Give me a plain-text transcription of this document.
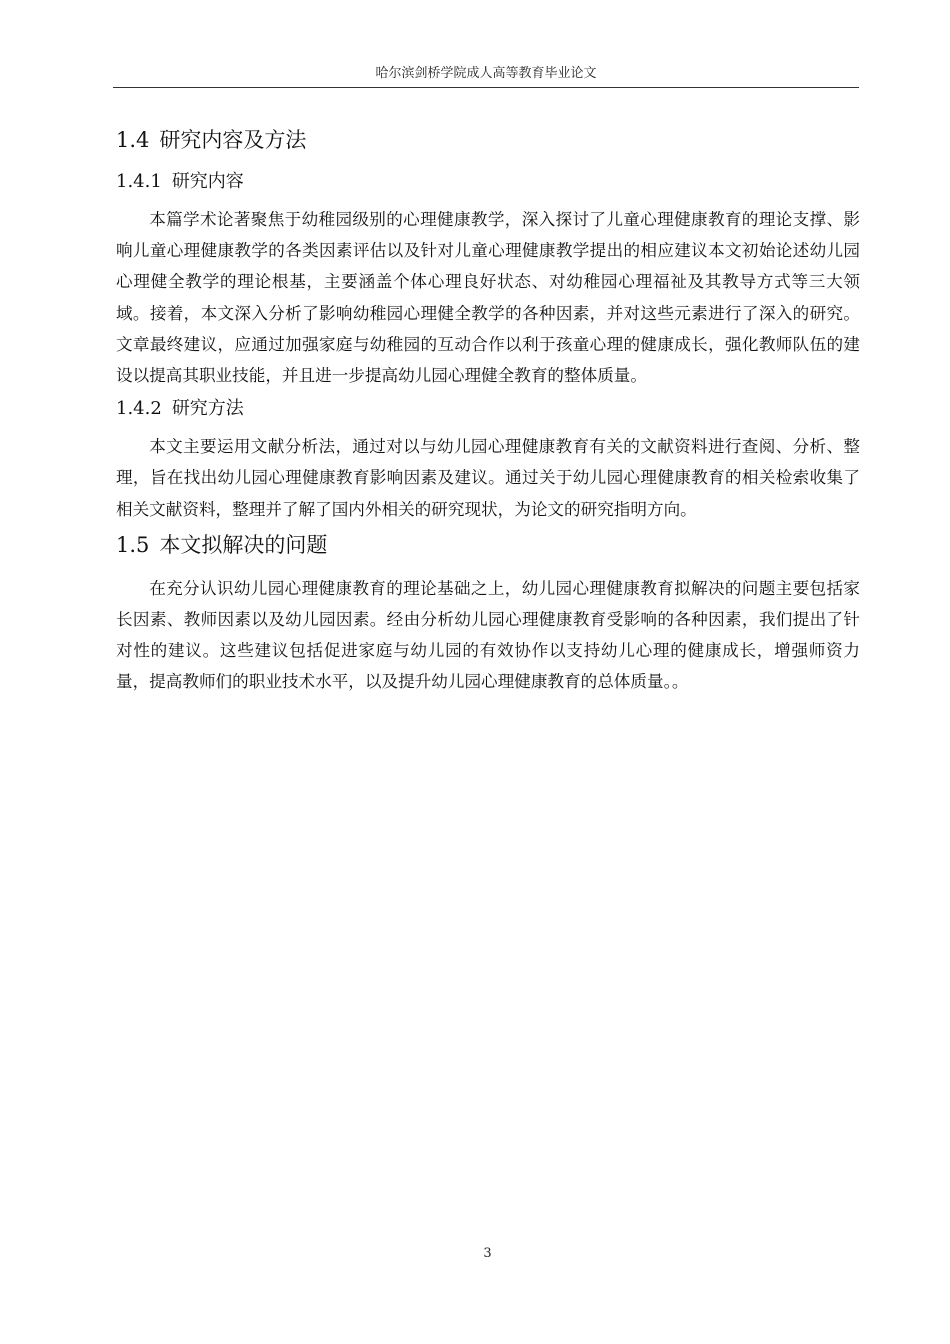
哈尔滨剑桥学院成人高等教育毕业论文
1.4 研究内容及方法
1.4.1 研究内容

本篇学术论著聚焦于幼稚园级别的心理健康教学，深入探讨了儿童心理健康教育的理论支撑、影响儿童心理健康教学的各类因素评估以及针对儿童心理健康教学提出的相应建议本文初始论述幼儿园心理健全教学的理论根基，主要涵盖个体心理良好状态、对幼稚园心理福祉及其教导方式等三大领域。接着，本文深入分析了影响幼稚园心理健全教学的各种因素，并对这些元素进行了深入的研究。文章最终建议，应通过加强家庭与幼稚园的互动合作以利于孩童心理的健康成长，强化教师队伍的建设以提高其职业技能，并且进一步提高幼儿园心理健全教育的整体质量。

1.4.2 研究方法

本文主要运用文献分析法，通过对以与幼儿园心理健康教育有关的文献资料进行查阅、分析、整理，旨在找出幼儿园心理健康教育影响因素及建议。通过关于幼儿园心理健康教育的相关检索收集了相关文献资料，整理并了解了国内外相关的研究现状，为论文的研究指明方向。

1.5 本文拟解决的问题

在充分认识幼儿园心理健康教育的理论基础之上，幼儿园心理健康教育拟解决的问题主要包括家长因素、教师因素以及幼儿园因素。经由分析幼儿园心理健康教育受影响的各种因素，我们提出了针对性的建议。这些建议包括促进家庭与幼儿园的有效协作以支持幼儿心理的健康成长，增强师资力量，提高教师们的职业技术水平，以及提升幼儿园心理健康教育的总体质量。。

3
